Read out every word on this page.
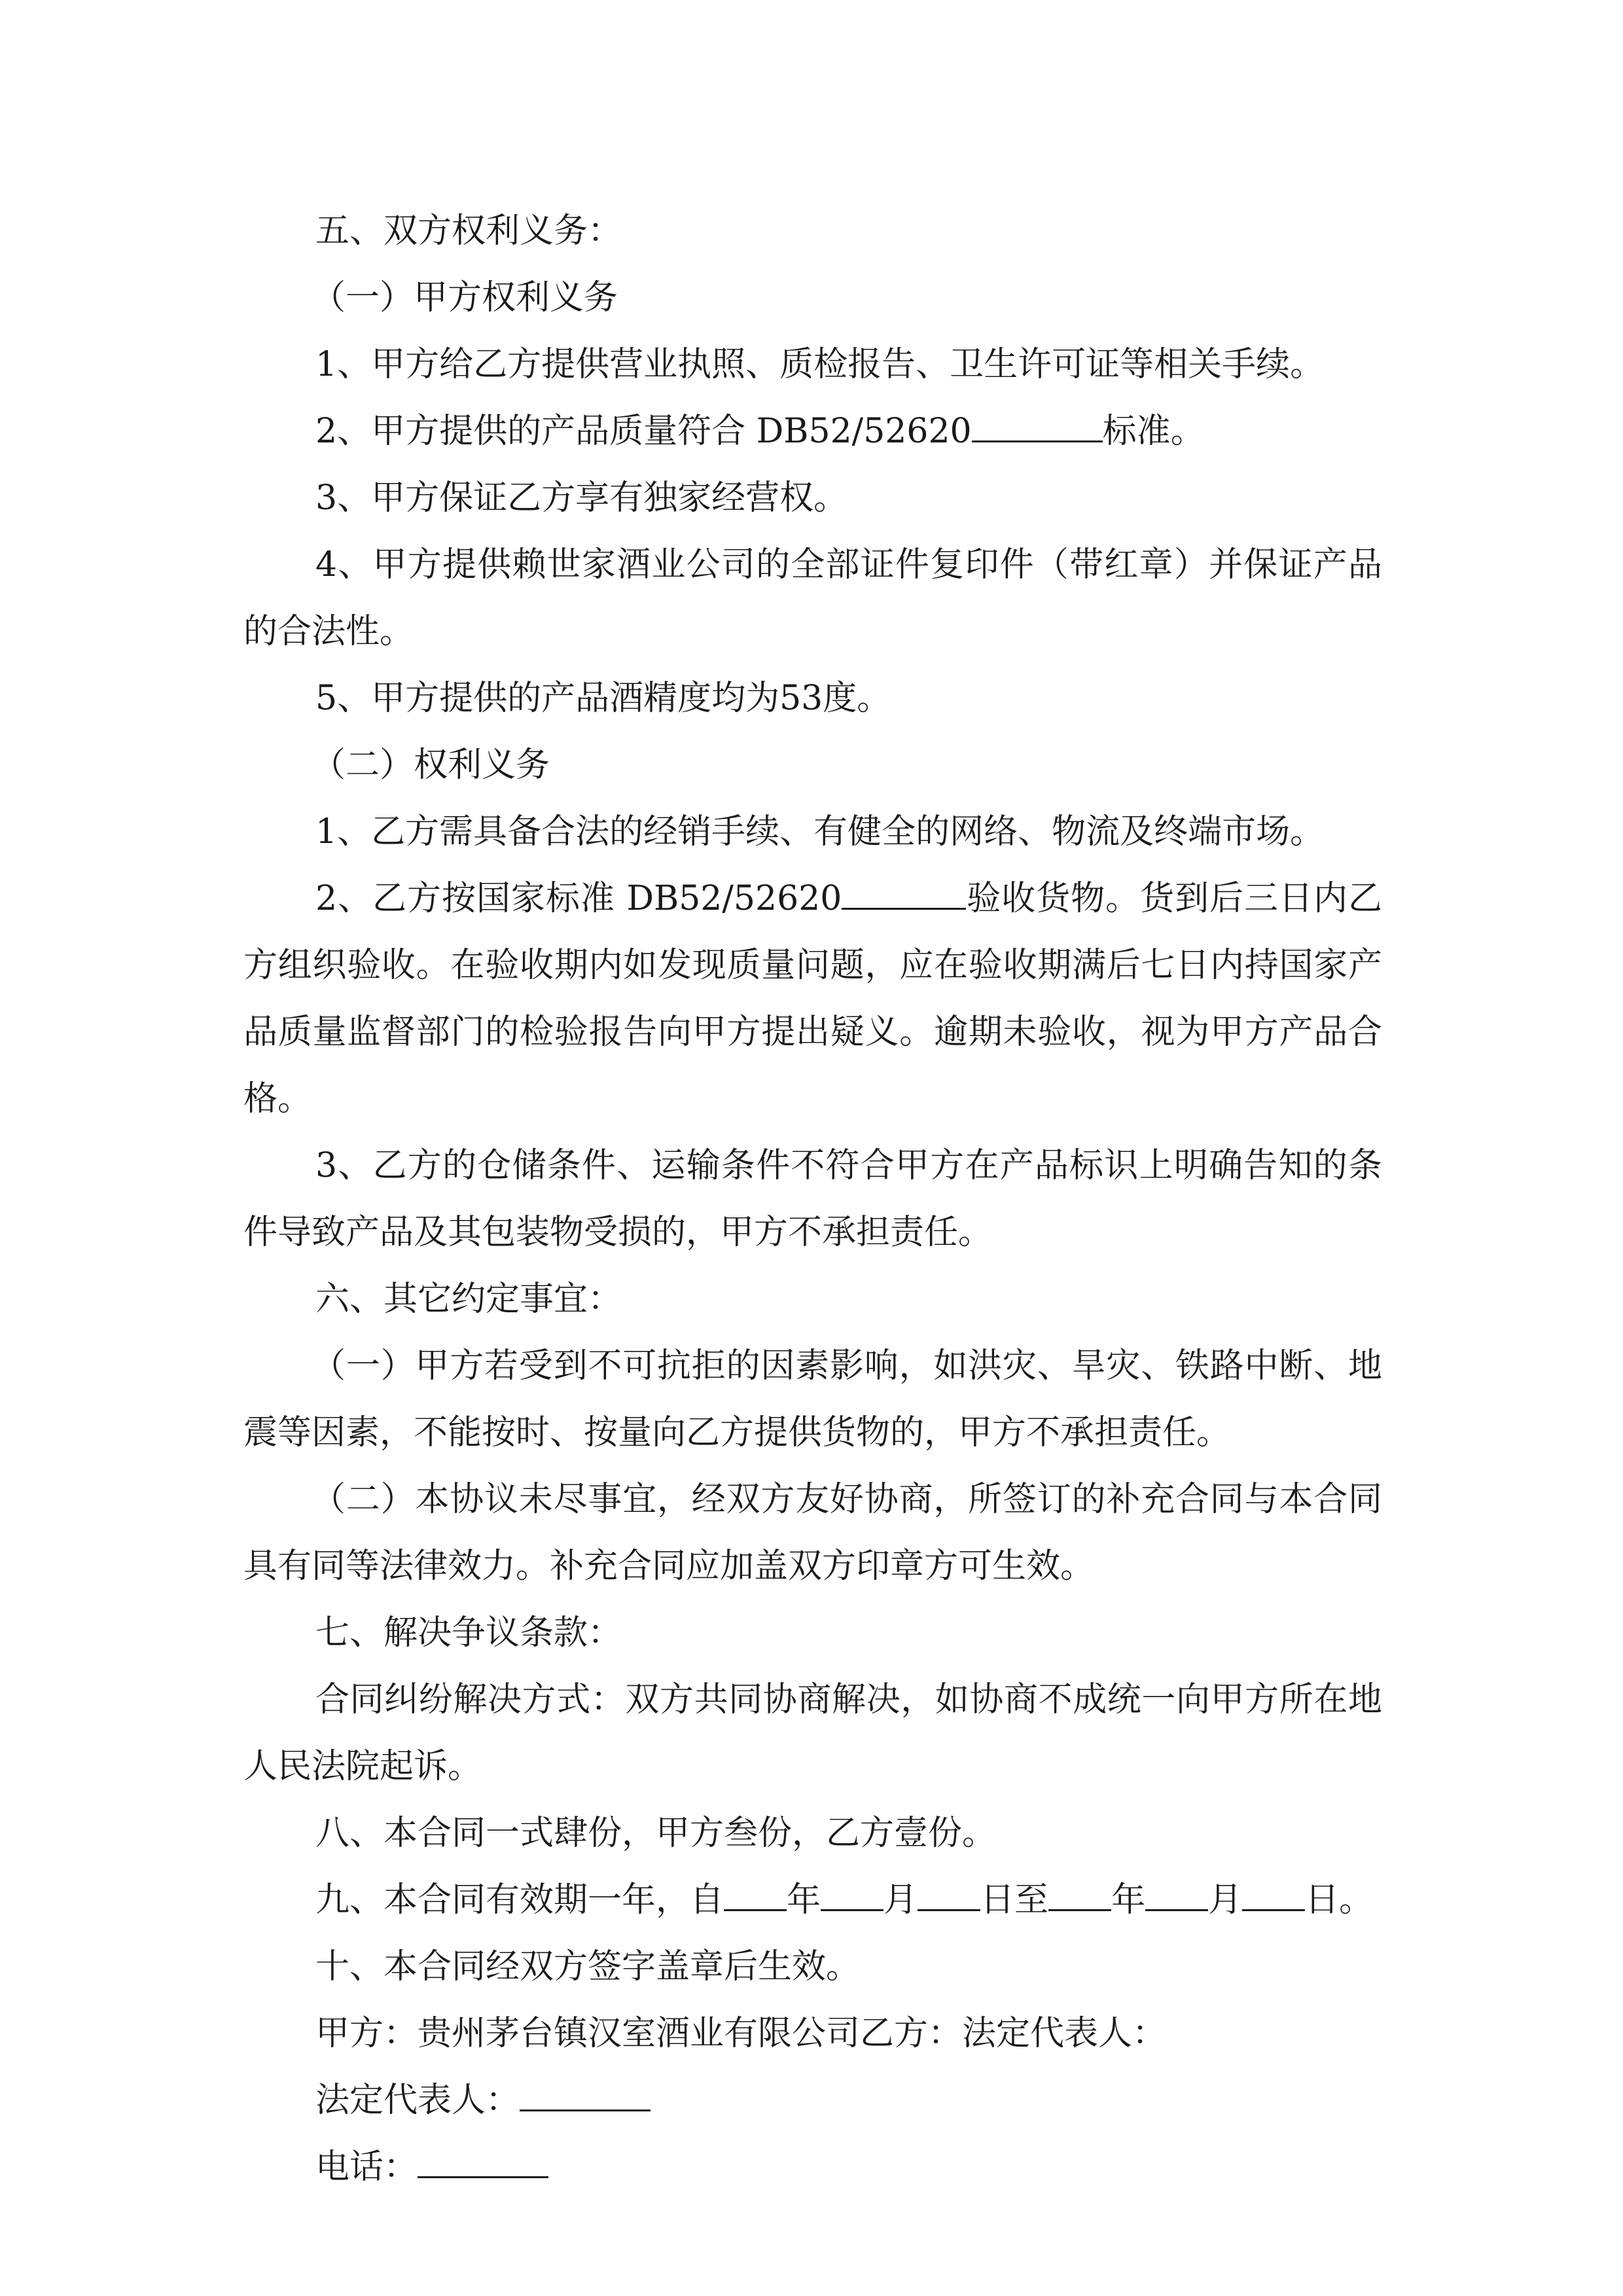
五、双方权利义务：

（一）甲方权利义务

1、甲方给乙方提供营业执照、质检报告、卫生许可证等相关手续。

2、甲方提供的产品质量符合 DB52/52620	标准。

3、甲方保证乙方享有独家经营权。

4、甲方提供赖世家酒业公司的全部证件复印件（带红章）并保证产品的合法性。

5、甲方提供的产品酒精度均为53度。

（二）权利义务

1、乙方需具备合法的经销手续、有健全的网络、物流及终端市场。

2、乙方按国家标准 DB52/52620	验收货物。货到后三日内乙方组织验收。在验收期内如发现质量问题，应在验收期满后七日内持国家产品质量监督部门的检验报告向甲方提出疑义。逾期未验收，视为甲方产品合格。

3、乙方的仓储条件、运输条件不符合甲方在产品标识上明确告知的条件导致产品及其包装物受损的，甲方不承担责任。

六、其它约定事宜：

（一）甲方若受到不可抗拒的因素影响，如洪灾、旱灾、铁路中断、地震等因素，不能按时、按量向乙方提供货物的，甲方不承担责任。

（二）本协议未尽事宜，经双方友好协商，所签订的补充合同与本合同具有同等法律效力。补充合同应加盖双方印章方可生效。

七、解决争议条款：

合同纠纷解决方式：双方共同协商解决，如协商不成统一向甲方所在地人民法院起诉。

八、本合同一式肆份，甲方叁份，乙方壹份。

九、本合同有效期一年，自 年 月 日至 年 月 日。

十、本合同经双方签字盖章后生效。

甲方：贵州茅台镇汉室酒业有限公司乙方：法定代表人：

法定代表人：

电话：
